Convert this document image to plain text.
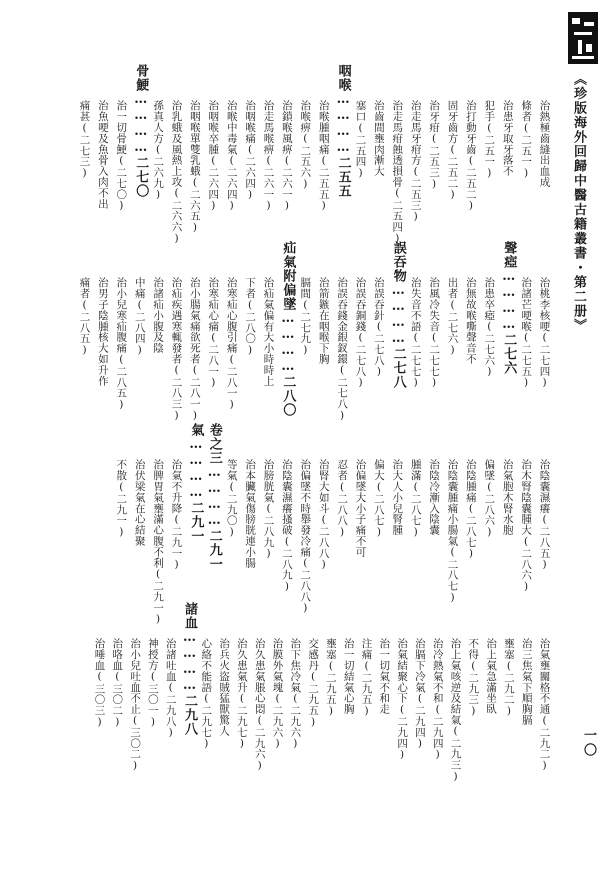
《珍版海外回歸中醫古籍叢書・第二册》
治熱極齒縫出血成
條者(二五一)
治患牙取牙落不
犯手(二五一)
治打動牙齒(二五二)
固牙齒方(二五二)
治牙疳(二五三)
治走馬牙疳方(二五三)
治走馬疳蝕透損骨(二五四)
治齒間壅肉漸大
塞口(二五四)
咽喉…………二五五
治喉腫咽痛(二五五)
治喉痹(二五六)
治鎖喉風痹(二六一)
治走馬喉痹(二六一)
治咽喉痛(二六四)
治喉中毒氣(二六四)
治咽喉卒腫(二六四)
治咽喉單雙乳蛾(二六五)
治乳蛾及風熱上攻(二六六)
孫真人方(二六九)
骨鯁…………二七〇
治一切骨鯁(二七〇)
治魚哽及魚骨入肉不出
痛甚(二七三)
治桃李核哽(二七四)
治諸芒哽喉(二七五)
聲瘂…………二七六
治患卒瘂(二七六)
治無故喉嘶聲音不
出者(二七六)
治風冷失音(二七七)
治失音不語(二七七)
誤吞物…………二七八
治誤吞針(二七八)
治誤吞銅錢(二七八)
治誤吞錢金銀釵鐶(二七八)
治箭鏃在咽喉下胸
膈間(二七九)
疝氣附偏墜…………二八〇
治疝氣偏有大小時時上
下者(二八〇)
治寒疝心腹引痛(二八一)
治寒疝心痛(二八一)
治小腸氣痛欲死者(二八一)
治疝疾遇寒輒發者(二八三)
治諸疝小腹及陰
中痛(二八四)
治小兒寒疝腹痛(二八五)
治男子陰腫核大如升作
痛者(二八五)
治陰囊濕癢(二八五)
治木腎陰囊腫大(二八六)
治氣胞木腎水胞
偏墜(二八六)
治陰腫痛(二八七)
治陰囊腫痛小腸氣(二八七)
治陰冷漸入陰囊
腫滿(二八七)
治大人小兒腎腫
偏大(二八七)
治偏墜大小子痛不可
忍者(二八八)
治腎大如斗(二八八)
治偏墜不時舉發冷痛(二八八)
治陰囊濕癢搔破(二八九)
治膀胱氣(二八九)
治本臟氣傷膀胱連小腸
等氣(二九〇)
卷之三…………二九一
氣…………二九一
治氣不升降(二九一)
治脾胃氣壅滿心腹不利(二九一)
治伏梁氣在心結聚
不散(二九一)
治氣壅關格不通(二九二)
治三焦氣下順胸膈
壅塞(二九二)
治上氣急滿坐臥
不得(二九三)
治上氣咳逆及結氣(二九三)
治冷熱氣不和(二九四)
治膈下冷氣(二九四)
治氣結聚心下(二九四)
治一切氣不和走
注痛(二九五)
治一切結氣心胸
壅塞(二九五)
交感丹(二九五)
治下焦冷氣(二九六)
治膜外氣塊(二九六)
治久患氣脹心悶(二九六)
治久患氣升(二九七)
治兵火盜賊猛獸驚人
心絡不能語(二九七)
諸血…………二九八
治諸吐血(二九八)
神授方(三〇一)
治小兒吐血不止(三〇二)
治咯血(三〇二)
治唾血(三〇三)
一〇
